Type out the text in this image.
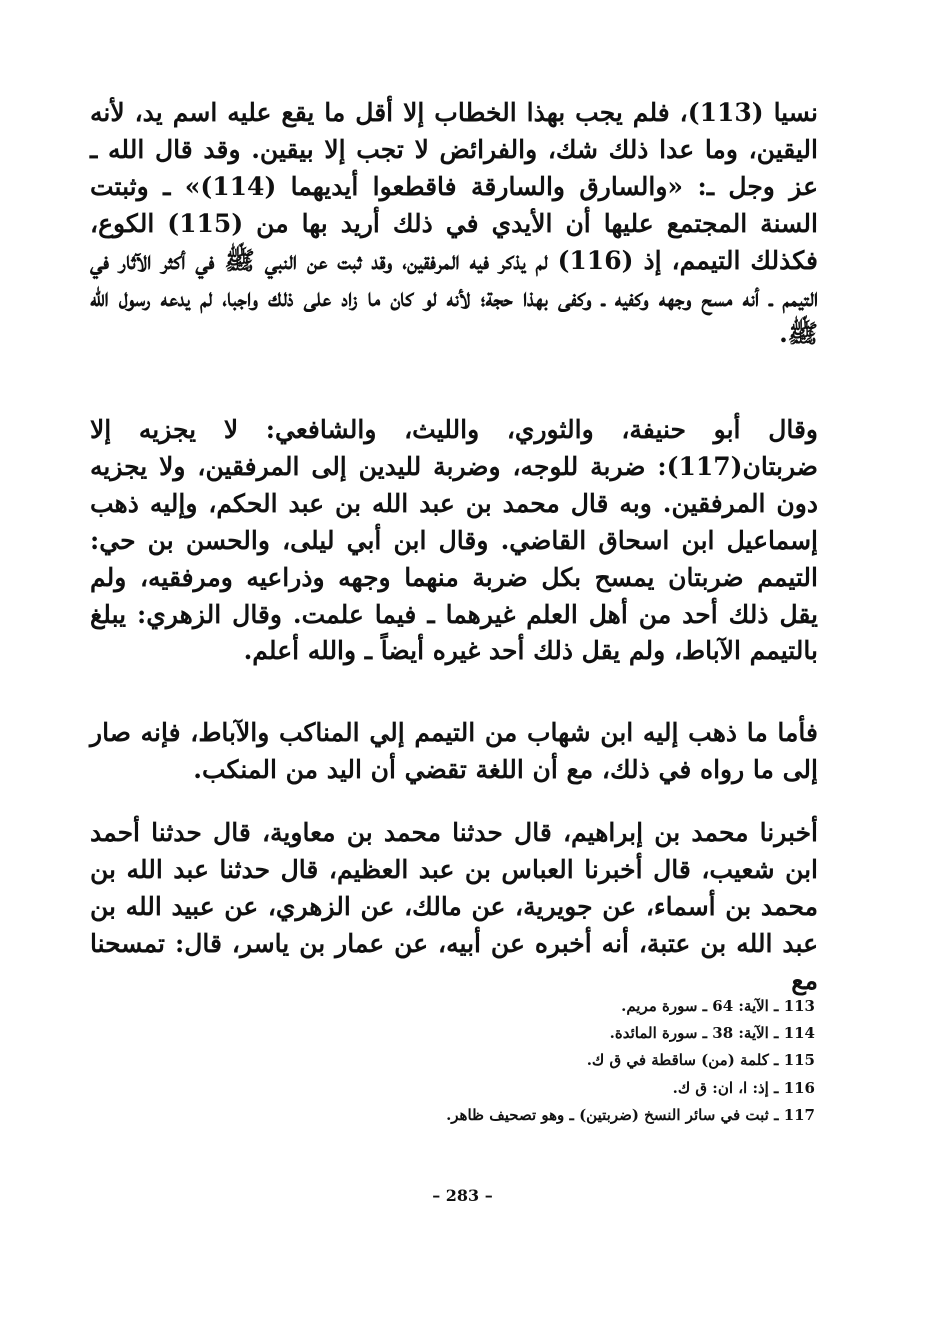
نسيا (113)، فلم يجب بهذا الخطاب إلا أقل ما يقع عليه اسم يد، لأنه اليقين، وما عدا ذلك شك، والفرائض لا تجب إلا بيقين. وقد قال الله ـ عز وجل ـ: «والسارق والسارقة فاقطعوا أيديهما (114)» ـ وثبتت السنة المجتمع عليها أن الأيدي في ذلك أريد بها من (115) الكوع، فكذلك التيمم، إذ (116) لم يذكر فيه المرفقين، وقد ثبت عن النبي ﷺ في أكثر الآثار في التيمم ـ أنه مسح وجهه وكفيه ـ وكفى بهذا حجة؛ لأنه لو كان ما زاد على ذلك واجبا، لم يدعه رسول الله ﷺ.

وقال أبو حنيفة، والثوري، والليث، والشافعي: لا يجزيه إلا ضربتان(117): ضربة للوجه، وضربة لليدين إلى المرفقين، ولا يجزيه دون المرفقين. وبه قال محمد بن عبد الله بن عبد الحكم، وإليه ذهب إسماعيل ابن اسحاق القاضي. وقال ابن أبي ليلى، والحسن بن حي: التيمم ضربتان يمسح بكل ضربة منهما وجهه وذراعيه ومرفقيه، ولم يقل ذلك أحد من أهل العلم غيرهما ـ فيما علمت. وقال الزهري: يبلغ بالتيمم الآباط، ولم يقل ذلك أحد غيره أيضاً ـ والله أعلم.

فأما ما ذهب إليه ابن شهاب من التيمم إلي المناكب والآباط، فإنه صار إلى ما رواه في ذلك، مع أن اللغة تقضي أن اليد من المنكب.

أخبرنا محمد بن إبراهيم، قال حدثنا محمد بن معاوية، قال حدثنا أحمد ابن شعيب، قال أخبرنا العباس بن عبد العظيم، قال حدثنا عبد الله بن محمد بن أسماء، عن جويرية، عن مالك، عن الزهري، عن عبيد الله بن عبد الله بن عتبة، أنه أخبره عن أبيه، عن عمار بن ياسر، قال: تمسحنا مع

113 ـ الآية: 64 ـ سورة مريم.

114 ـ الآية: 38 ـ سورة المائدة.

115 ـ كلمة (من) ساقطة في ق ك.

116 ـ إذ: ا، ان: ق ك.

117 ـ ثبت في سائر النسخ (ضربتين) ـ وهو تصحيف ظاهر.

– 283 –
